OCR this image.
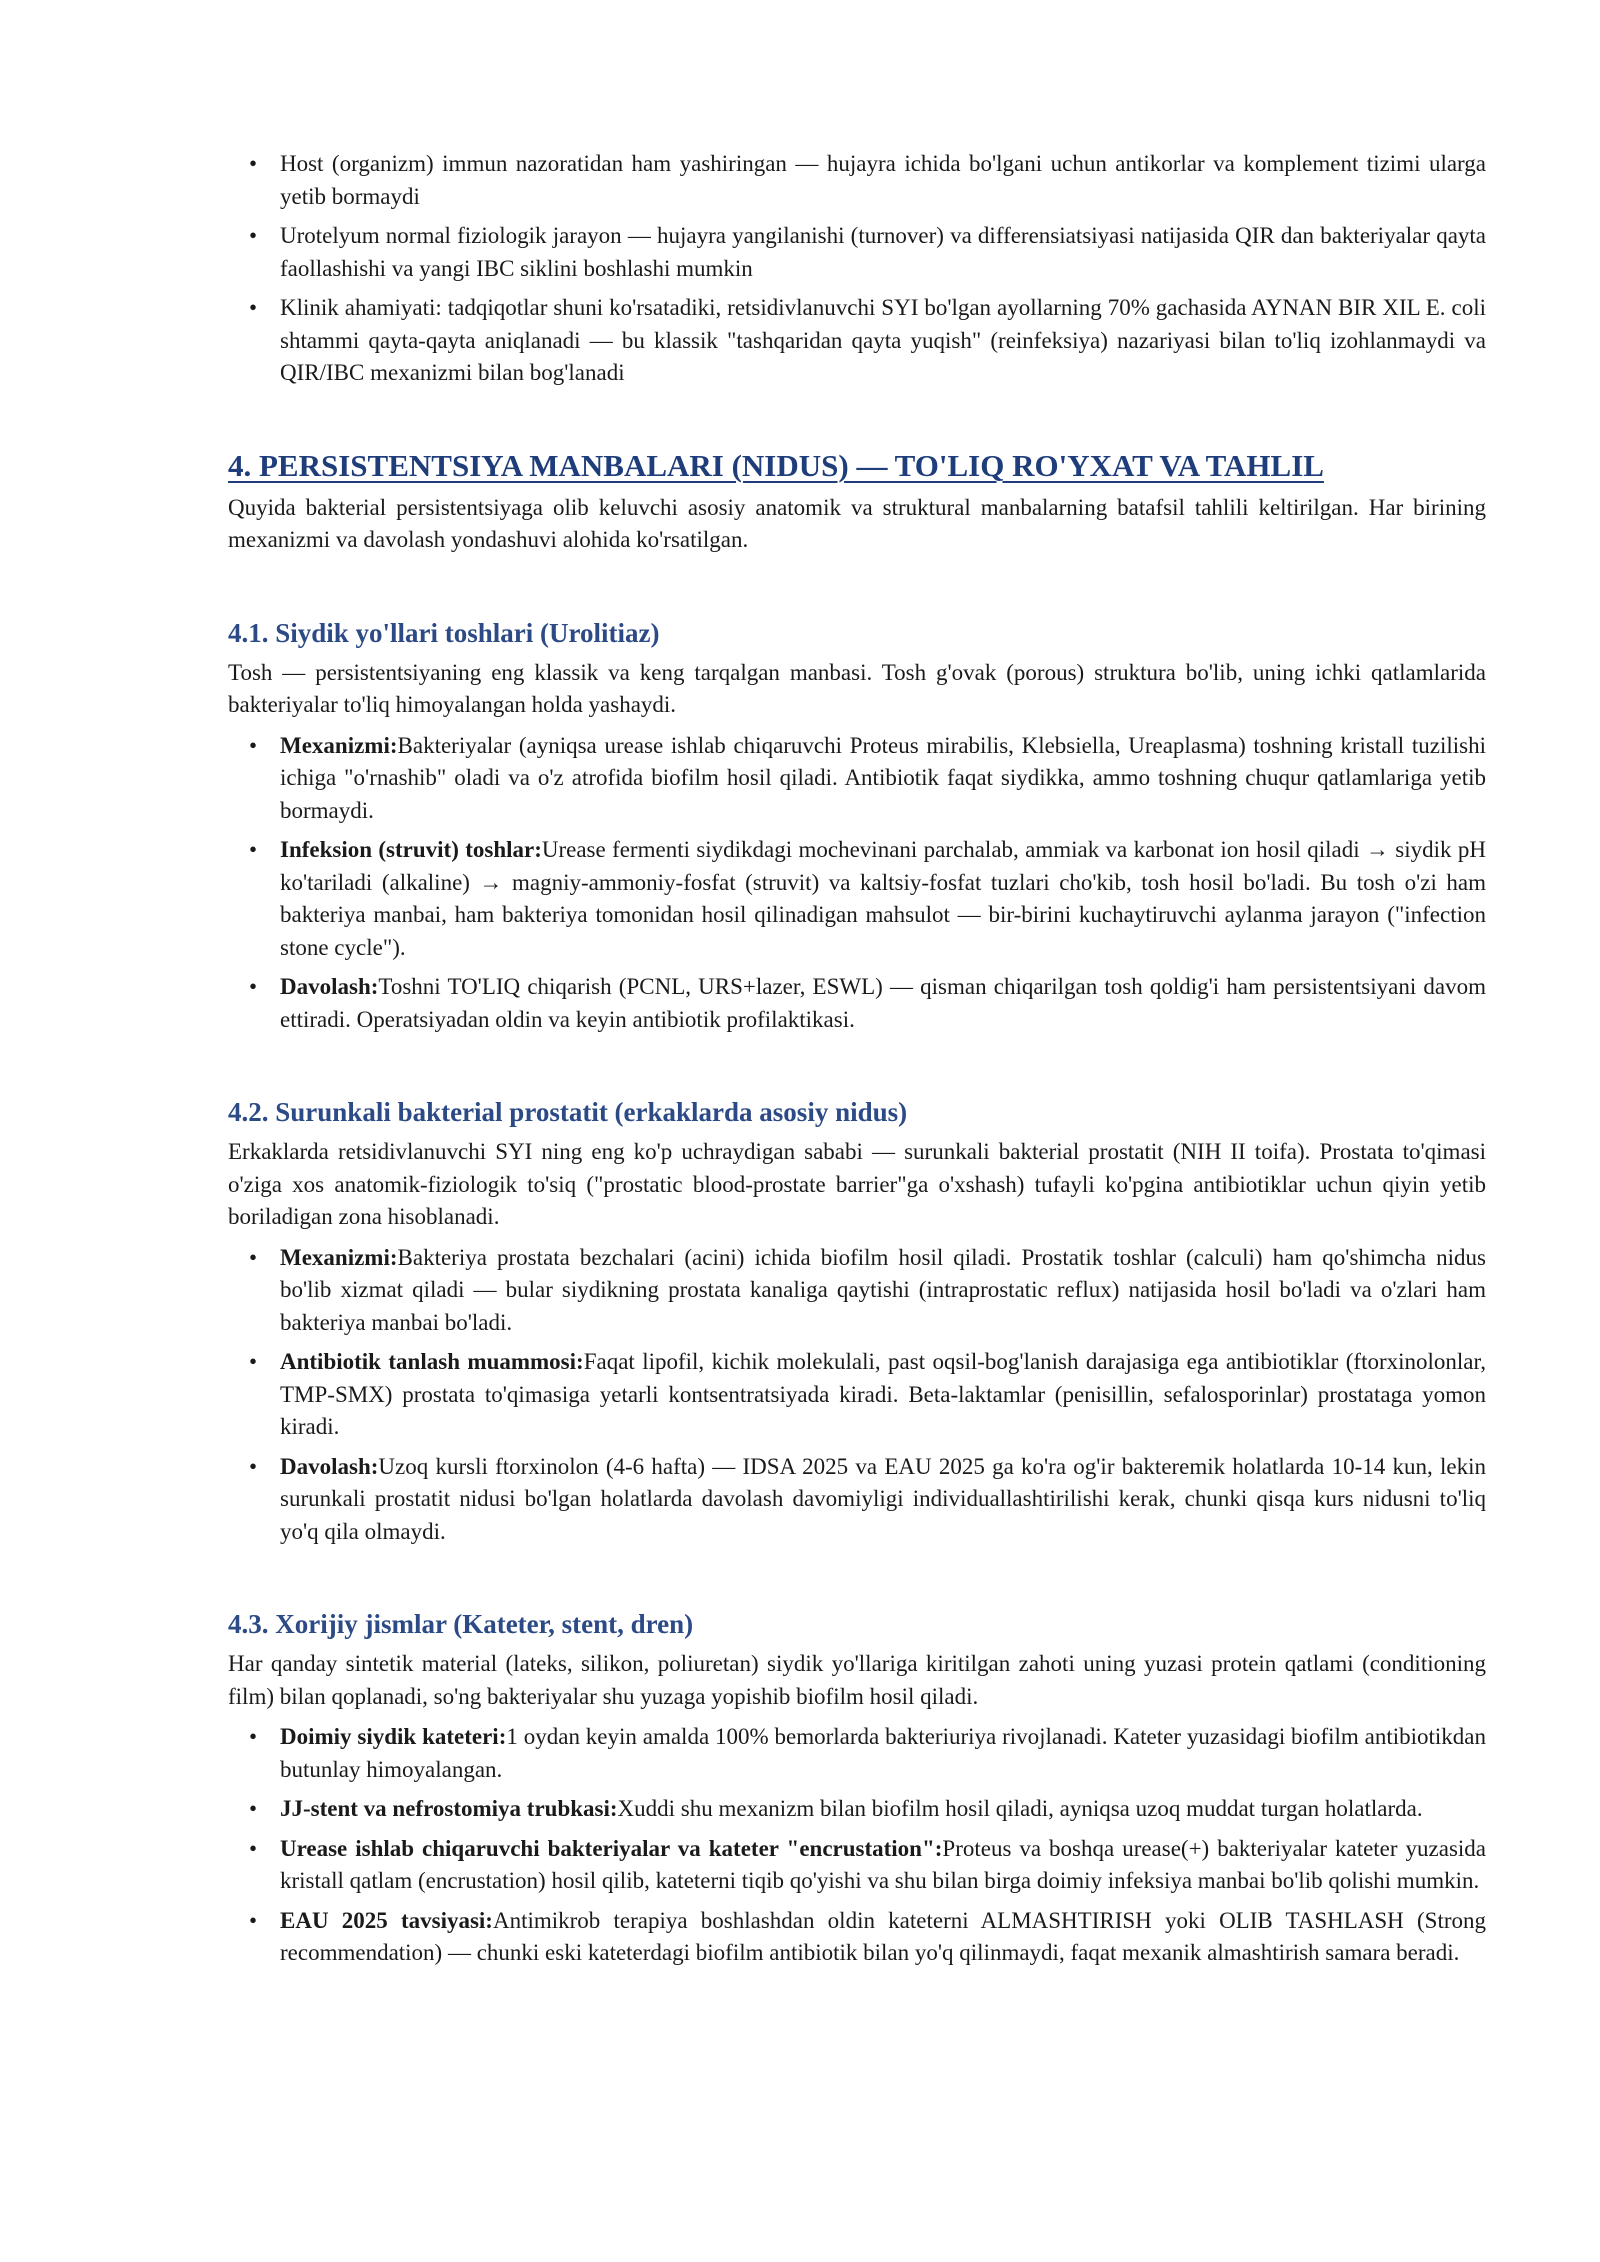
• Host (organizm) immun nazoratidan ham yashiringan — hujayra ichida bo'lgani uchun antikorlar va komplement tizimi ularga yetib bormaydi
• Urotelyum normal fiziologik jarayon — hujayra yangilanishi (turnover) va differensiatsiyasi natijasida QIR dan bakteriyalar qayta faollashishi va yangi IBC siklini boshlashi mumkin
• Klinik ahamiyati: tadqiqotlar shuni ko'rsatadiki, retsidivlanuvchi SYI bo'lgan ayollarning 70% gachasida AYNAN BIR XIL E. coli shtammi qayta-qayta aniqlanadi — bu klassik "tashqaridan qayta yuqish" (reinfeksiya) nazariyasi bilan to'liq izohlanmaydi va QIR/IBC mexanizmi bilan bog'lanadi
4. PERSISTENTSIYA MANBALARI (NIDUS) — TO'LIQ RO'YXAT VA TAHLIL

Quyida bakterial persistentsiyaga olib keluvchi asosiy anatomik va struktural manbalarning batafsil tahlili keltirilgan. Har birining mexanizmi va davolash yondashuvi alohida ko'rsatilgan.

4.1. Siydik yo'llari toshlari (Urolitiaz)

Tosh — persistentsiyaning eng klassik va keng tarqalgan manbasi. Tosh g'ovak (porous) struktura bo'lib, uning ichki qatlamlarida bakteriyalar to'liq himoyalangan holda yashaydi.

• Mexanizmi:Bakteriyalar (ayniqsa urease ishlab chiqaruvchi Proteus mirabilis, Klebsiella, Ureaplasma) toshning kristall tuzilishi ichiga "o'rnashib" oladi va o'z atrofida biofilm hosil qiladi. Antibiotik faqat siydikka, ammo toshning chuqur qatlamlariga yetib bormaydi.
• Infeksion (struvit) toshlar:Urease fermenti siydikdagi mochevinani parchalab, ammiak va karbonat ion hosil qiladi → siydik pH ko'tariladi (alkaline) → magniy-ammoniy-fosfat (struvit) va kaltsiy-fosfat tuzlari cho'kib, tosh hosil bo'ladi. Bu tosh o'zi ham bakteriya manbai, ham bakteriya tomonidan hosil qilinadigan mahsulot — bir-birini kuchaytiruvchi aylanma jarayon ("infection stone cycle").
• Davolash:Toshni TO'LIQ chiqarish (PCNL, URS+lazer, ESWL) — qisman chiqarilgan tosh qoldig'i ham persistentsiyani davom ettiradi. Operatsiyadan oldin va keyin antibiotik profilaktikasi.
4.2. Surunkali bakterial prostatit (erkaklarda asosiy nidus)

Erkaklarda retsidivlanuvchi SYI ning eng ko'p uchraydigan sababi — surunkali bakterial prostatit (NIH II toifa). Prostata to'qimasi o'ziga xos anatomik-fiziologik to'siq ("prostatic blood-prostate barrier"ga o'xshash) tufayli ko'pgina antibiotiklar uchun qiyin yetib boriladigan zona hisoblanadi.

• Mexanizmi:Bakteriya prostata bezchalari (acini) ichida biofilm hosil qiladi. Prostatik toshlar (calculi) ham qo'shimcha nidus bo'lib xizmat qiladi — bular siydikning prostata kanaliga qaytishi (intraprostatic reflux) natijasida hosil bo'ladi va o'zlari ham bakteriya manbai bo'ladi.
• Antibiotik tanlash muammosi:Faqat lipofil, kichik molekulali, past oqsil-bog'lanish darajasiga ega antibiotiklar (ftorxinolonlar, TMP-SMX) prostata to'qimasiga yetarli kontsentratsiyada kiradi. Beta-laktamlar (penisillin, sefalosporinlar) prostataga yomon kiradi.
• Davolash:Uzoq kursli ftorxinolon (4-6 hafta) — IDSA 2025 va EAU 2025 ga ko'ra og'ir bakteremik holatlarda 10-14 kun, lekin surunkali prostatit nidusi bo'lgan holatlarda davolash davomiyligi individuallashtirilishi kerak, chunki qisqa kurs nidusni to'liq yo'q qila olmaydi.
4.3. Xorijiy jismlar (Kateter, stent, dren)

Har qanday sintetik material (lateks, silikon, poliuretan) siydik yo'llariga kiritilgan zahoti uning yuzasi protein qatlami (conditioning film) bilan qoplanadi, so'ng bakteriyalar shu yuzaga yopishib biofilm hosil qiladi.

• Doimiy siydik kateteri:1 oydan keyin amalda 100% bemorlarda bakteriuriya rivojlanadi. Kateter yuzasidagi biofilm antibiotikdan butunlay himoyalangan.
• JJ-stent va nefrostomiya trubkasi:Xuddi shu mexanizm bilan biofilm hosil qiladi, ayniqsa uzoq muddat turgan holatlarda.
• Urease ishlab chiqaruvchi bakteriyalar va kateter "encrustation":Proteus va boshqa urease(+) bakteriyalar kateter yuzasida kristall qatlam (encrustation) hosil qilib, kateterni tiqib qo'yishi va shu bilan birga doimiy infeksiya manbai bo'lib qolishi mumkin.
• EAU 2025 tavsiyasi:Antimikrob terapiya boshlashdan oldin kateterni ALMASHTIRISH yoki OLIB TASHLASH (Strong recommendation) — chunki eski kateterdagi biofilm antibiotik bilan yo'q qilinmaydi, faqat mexanik almashtirish samara beradi.
